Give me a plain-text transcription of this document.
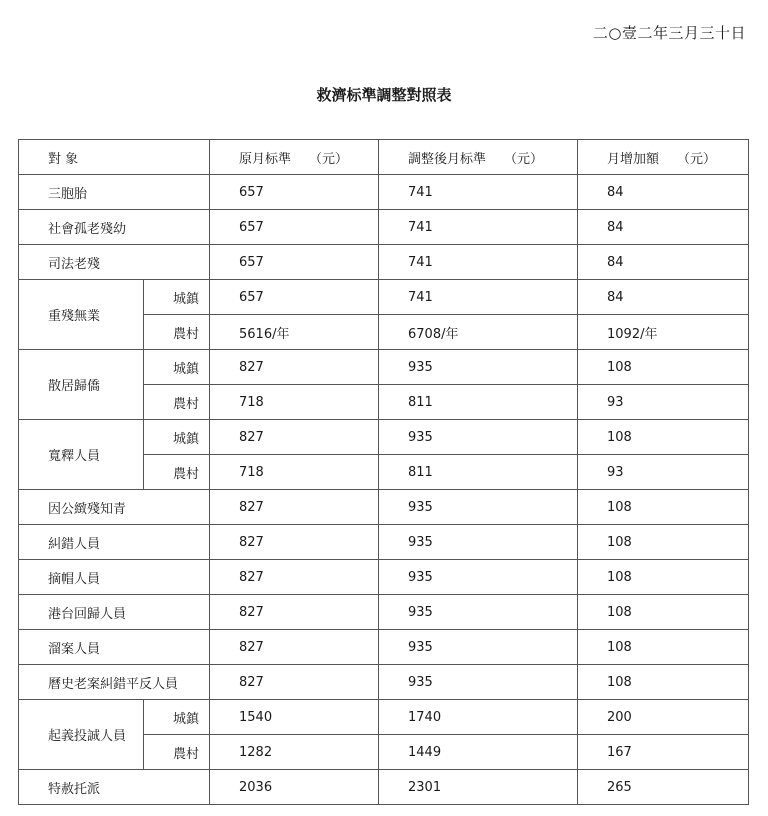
二○壹二年三月三十日
救濟标準調整對照表
對 象		原月标準 （元）	調整後月标準 （元）	月增加額 （元）
三胞胎		657	741	84
社會孤老殘幼		657	741	84
司法老殘		657	741	84
重殘無業	城鎮	657	741	84
	農村	5616/年	6708/年	1092/年
散居歸僑	城鎮	827	935	108
	農村	718	811	93
寬釋人員	城鎮	827	935	108
	農村	718	811	93
因公緻殘知青		827	935	108
糾錯人員		827	935	108
摘帽人員		827	935	108
港台回歸人員		827	935	108
溜案人員		827	935	108
曆史老案糾錯平反人員		827	935	108
起義投誠人員	城鎮	1540	1740	200
	農村	1282	1449	167
特赦托派		2036	2301	265
